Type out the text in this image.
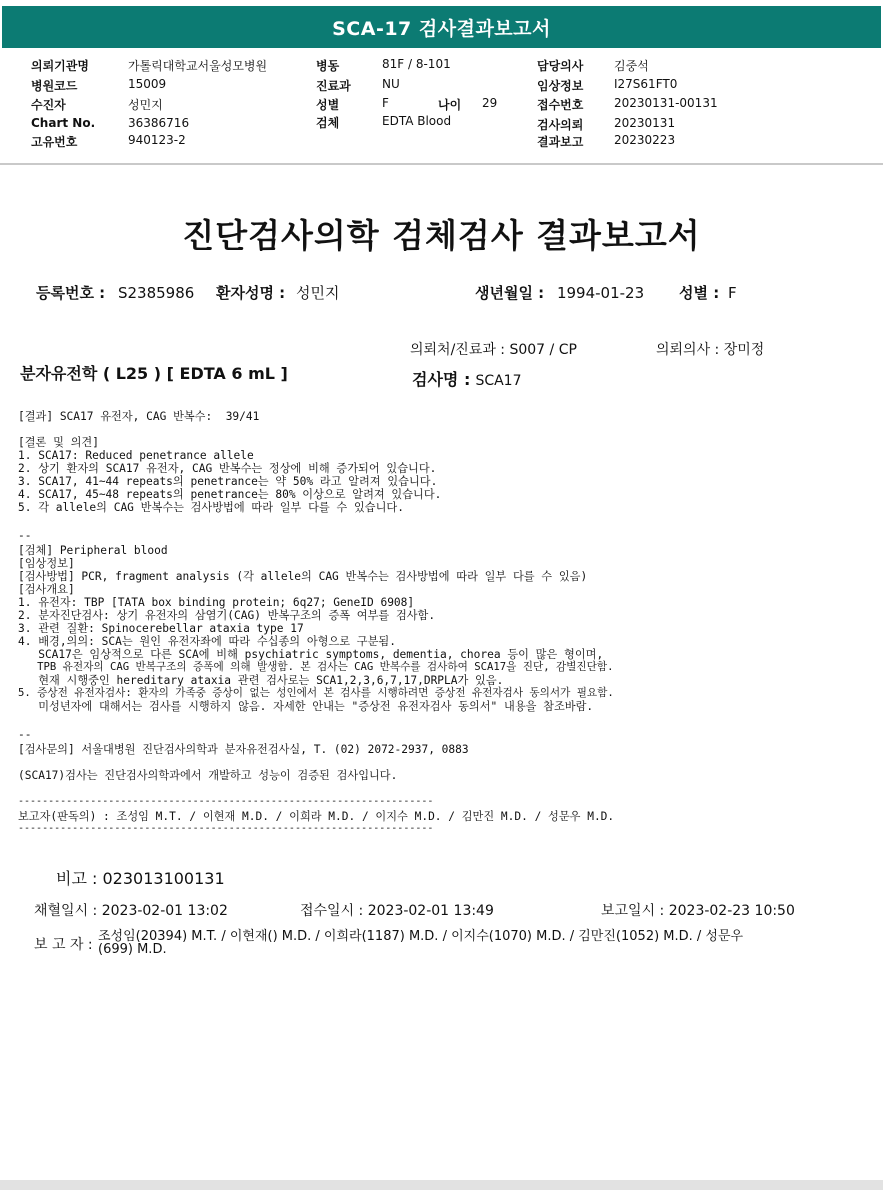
SCA-17 검사결과보고서
의뢰기관명	가톨릭대학교서울성모병원
병원코드	15009
수진자	성민지
Chart No.	36386716
고유번호	940123-2
병동	81F / 8-101
진료과	NU
성별	F	나이 29
검체	EDTA Blood
담당의사	김중석
임상정보	I27S61FT0
접수번호	20230131-00131
검사의뢰	20230131
결과보고	20230223
진단검사의학 검체검사 결과보고서
등록번호 : S2385986 환자성명 : 성민지	생년월일 : 1994-01-23 성별 : F
의뢰처/진료과 : S007 / CP	의뢰의사 : 장미정
분자유전학 ( L25 ) [ EDTA 6 mL ]	검사명 : SCA17
[결과] SCA17 유전자, CAG 반복수:  39/41
[결론 및 의견]
1. SCA17: Reduced penetrance allele
2. 상기 환자의 SCA17 유전자, CAG 반복수는 정상에 비해 증가되어 있습니다.
3. SCA17, 41~44 repeats의 penetrance는 약 50% 라고 알려져 있습니다.
4. SCA17, 45~48 repeats의 penetrance는 80% 이상으로 알려져 있습니다.
5. 각 allele의 CAG 반복수는 검사방법에 따라 일부 다를 수 있습니다.
--
[검체] Peripheral blood
[임상정보]
[검사방법] PCR, fragment analysis (각 allele의 CAG 반복수는 검사방법에 따라 일부 다를 수 있음)
[검사개요]
1. 유전자: TBP [TATA box binding protein; 6q27; GeneID 6908]
2. 분자진단검사: 상기 유전자의 삼염기(CAG) 반복구조의 증폭 여부를 검사함.
3. 관련 질환: Spinocerebellar ataxia type 17
4. 배경,의의: SCA는 원인 유전자좌에 따라 수십종의 아형으로 구분됨.
SCA17은 임상적으로 다른 SCA에 비해 psychiatric symptoms, dementia, chorea 등이 많은 형이며,
TPB 유전자의 CAG 반복구조의 증폭에 의해 발생함. 본 검사는 CAG 반복수를 검사하여 SCA17을 진단, 감별진단함.
현재 시행중인 hereditary ataxia 관련 검사로는 SCA1,2,3,6,7,17,DRPLA가 있음.
5. 증상전 유전자검사: 환자의 가족중 증상이 없는 성인에서 본 검사를 시행하려면 증상전 유전자검사 동의서가 필요함.
미성년자에 대해서는 검사를 시행하지 않음. 자세한 안내는 "증상전 유전자검사 동의서" 내용을 참조바람.
--
[검사문의] 서울대병원 진단검사의학과 분자유전검사실, T. (02) 2072-2937, 0883
(SCA17)검사는 진단검사의학과에서 개발하고 성능이 검증된 검사입니다.
---------------------------------------------------------------------
보고자(판독의) : 조성임 M.T. / 이현재 M.D. / 이희라 M.D. / 이지수 M.D. / 김만진 M.D. / 성문우 M.D.
---------------------------------------------------------------------
비고 : 023013100131
채혈일시 : 2023-02-01 13:02	접수일시 : 2023-02-01 13:49	보고일시 : 2023-02-23 10:50
보 고 자 :
조성임(20394) M.T. / 이현재() M.D. / 이희라(1187) M.D. / 이지수(1070) M.D. / 김만진(1052) M.D. / 성문우
(699) M.D.
